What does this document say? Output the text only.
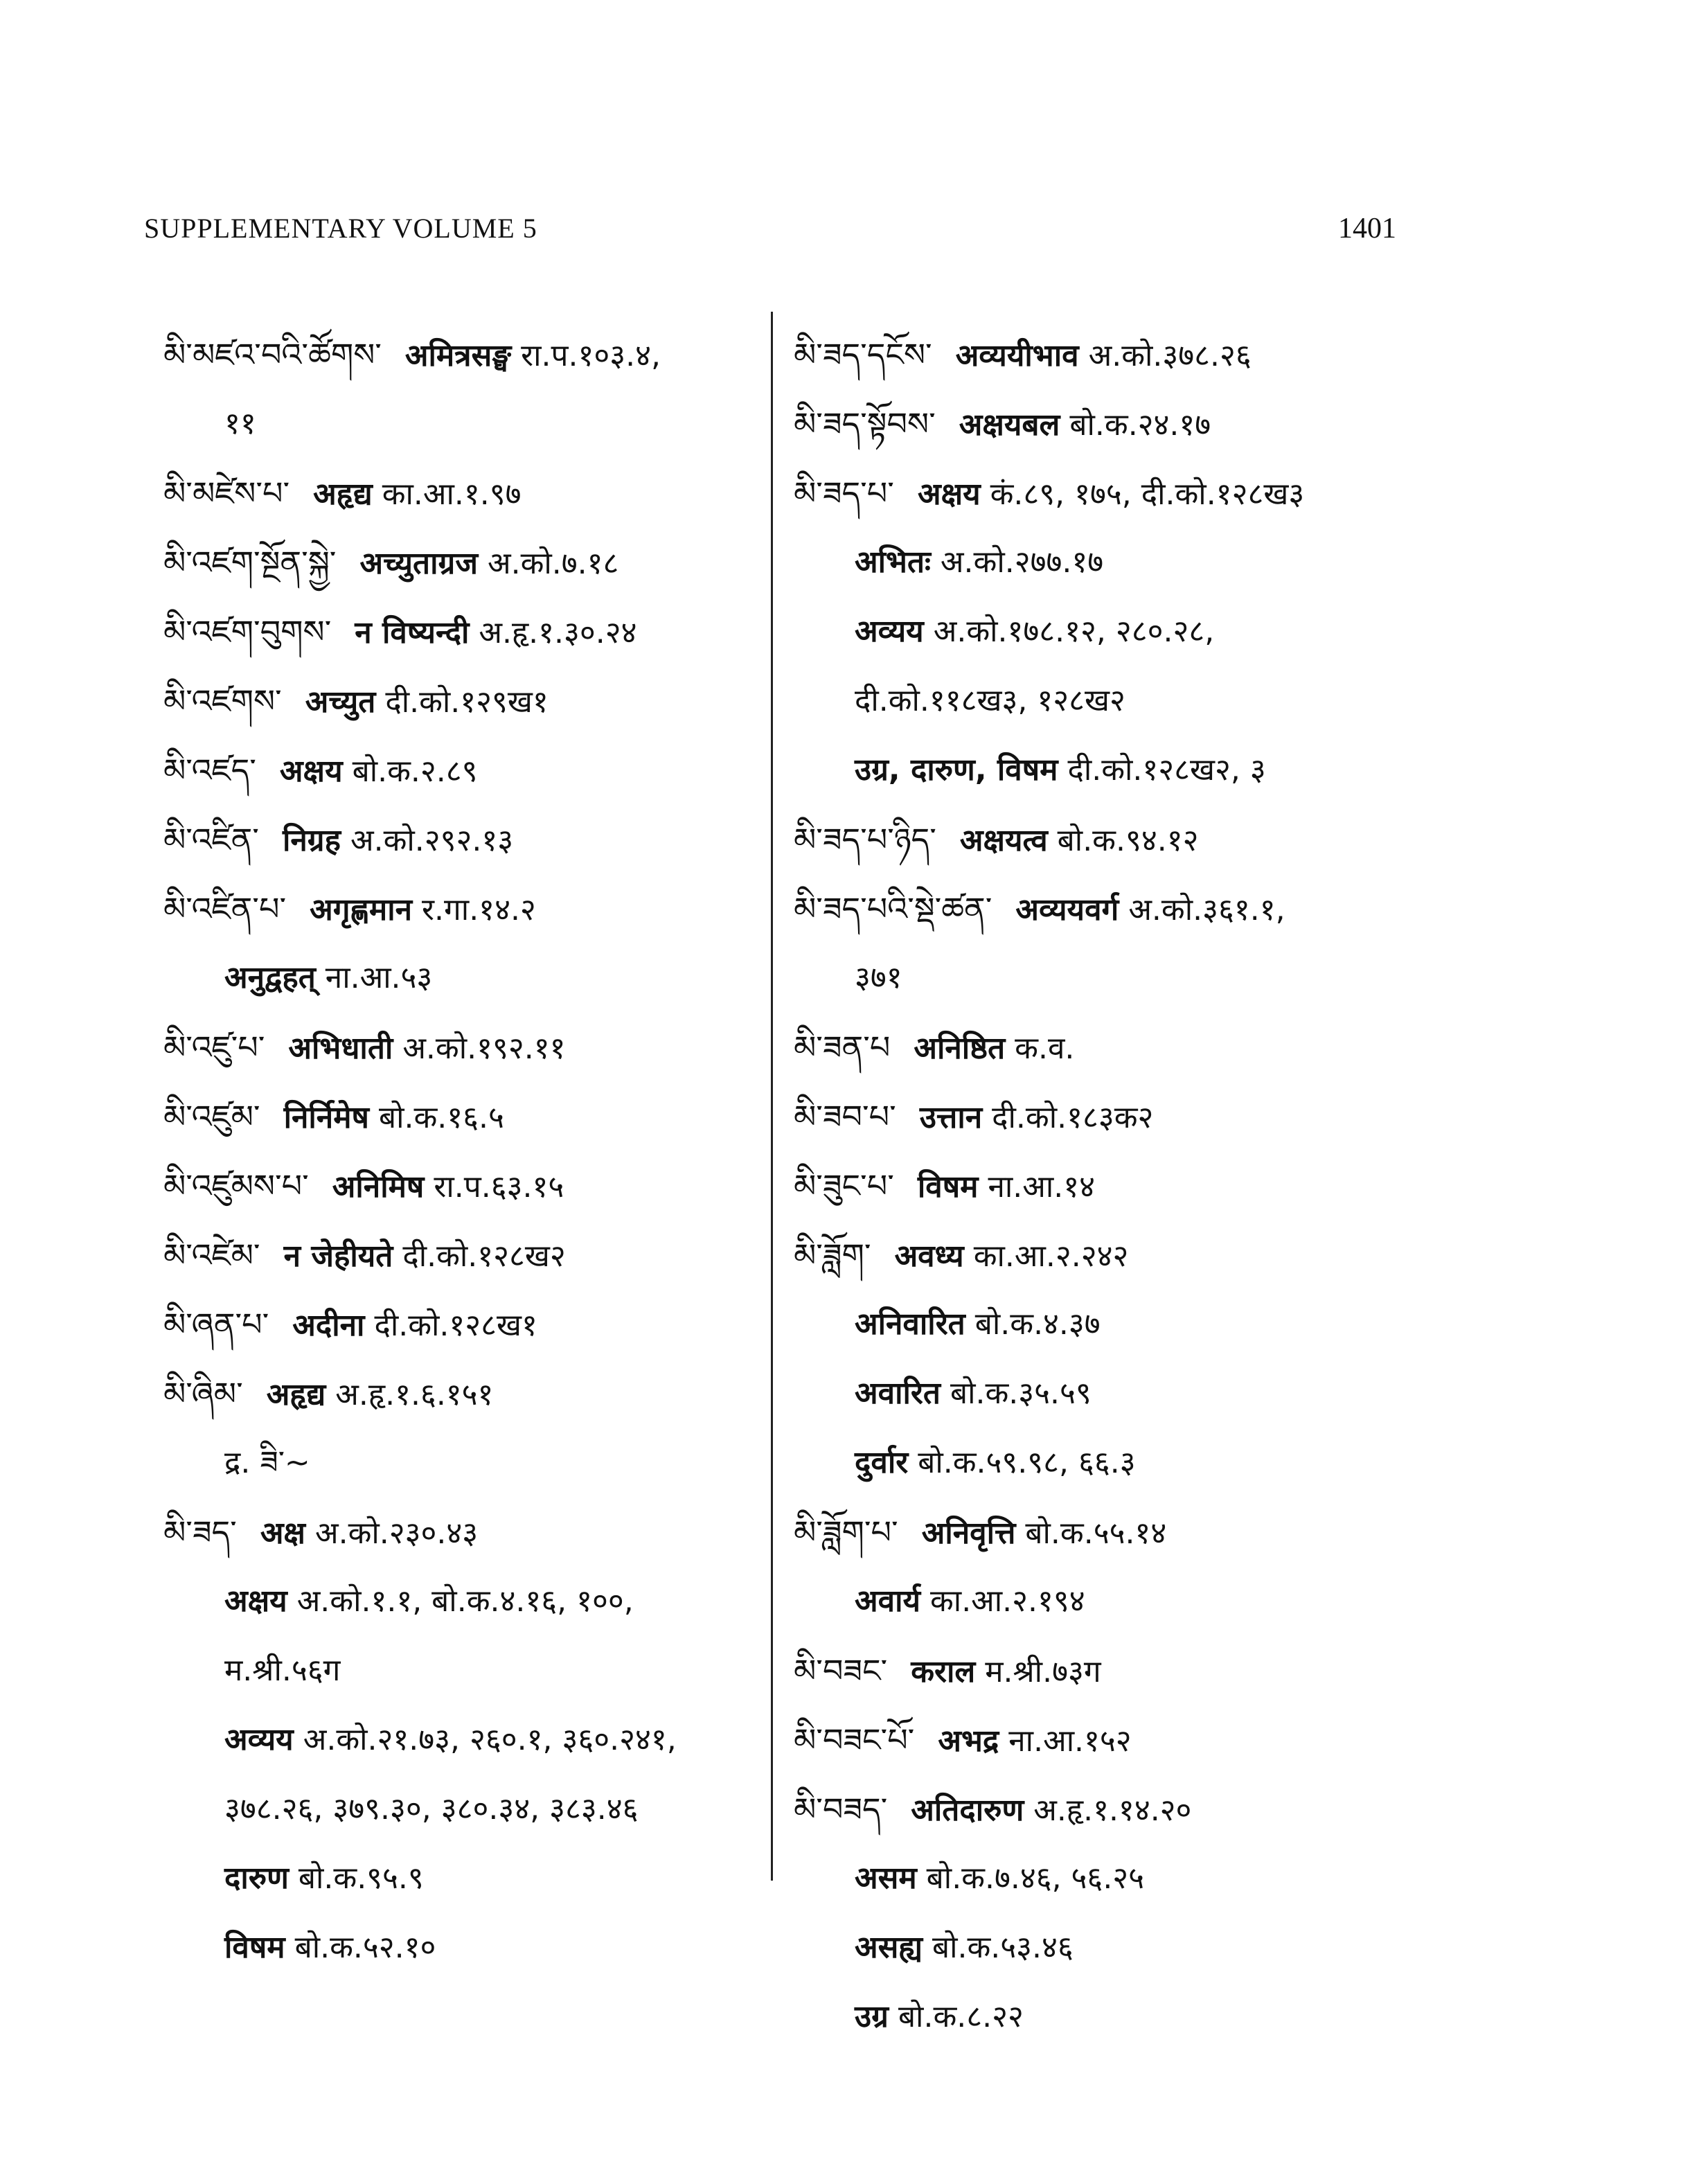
SUPPLEMENTARY VOLUME 5	1401
མི་མཛའ་བའི་ཚོགས་ अमित्रसङ्घ रा.प.१०३.४,
११
མི་མཛེས་པ་ अहृद्य का.आ.१.९७
མི་འཛག་སྔོན་སྐྱེ་ अच्युताग्रज अ.को.७.१८
མི་འཛག་བུགས་ न विष्यन्दी अ.हृ.१.३०.२४
མི་འཛགས་ अच्युत दी.को.१२९ख१
མི་འཛད་ अक्षय बो.क.२.८९
མི་འཛིན་ निग्रह अ.को.२९२.१३
མི་འཛིན་པ་ अगृह्णमान र.गा.१४.२
अनुद्वहत् ना.आ.५३
མི་འཛུ་པ་ अभिधाती अ.को.१९२.११
མི་འཛུམ་ निर्निमेष बो.क.१६.५
མི་འཛུམས་པ་ अनिमिष रा.प.६३.१५
མི་འཛེམ་ न जेहीयते दी.को.१२८ख२
མི་ཞན་པ་ अदीना दी.को.१२८ख१
མི་ཞིམ་ अहृद्य अ.हृ.१.६.१५१
द्र. ཟི་~
མི་ཟད་ अक्ष अ.को.२३०.४३
अक्षय अ.को.१.१, बो.क.४.१६, १००,
म.श्री.५६ग
अव्यय अ.को.२१.७३, २६०.१, ३६०.२४१,
३७८.२६, ३७९.३०, ३८०.३४, ३८३.४६
दारुण बो.क.९५.९
विषम बो.क.५२.१०
མི་ཟད་དངོས་ अव्ययीभाव अ.को.३७८.२६
མི་ཟད་སྟོབས་ अक्षयबल बो.क.२४.१७
མི་ཟད་པ་ अक्षय कं.८९, १७५, दी.को.१२८ख३
अभितः अ.को.२७७.१७
अव्यय अ.को.१७८.१२, २८०.२८,
दी.को.११८ख३, १२८ख२
उग्र, दारुण, विषम दी.को.१२८ख२, ३
མི་ཟད་པ་ཉིད་ अक्षयत्व बो.क.९४.१२
མི་ཟད་པའི་སྡེ་ཚན་ अव्ययवर्ग अ.को.३६१.१,
३७१
མི་ཟན་པ अनिष्ठित क.व.
མི་ཟབ་པ་ उत्तान दी.को.१८३क२
མི་ཟུང་པ་ विषम ना.आ.१४
མི་ཟློག་ अवध्य का.आ.२.२४२
अनिवारित बो.क.४.३७
अवारित बो.क.३५.५९
दुर्वार बो.क.५९.९८, ६६.३
མི་ཟློག་པ་ अनिवृत्ति बो.क.५५.१४
अवार्य का.आ.२.१९४
མི་བཟང་ कराल म.श्री.७३ग
མི་བཟང་པོ་ अभद्र ना.आ.१५२
མི་བཟད་ अतिदारुण अ.हृ.१.१४.२०
असम बो.क.७.४६, ५६.२५
असह्य बो.क.५३.४६
उग्र बो.क.८.२२
